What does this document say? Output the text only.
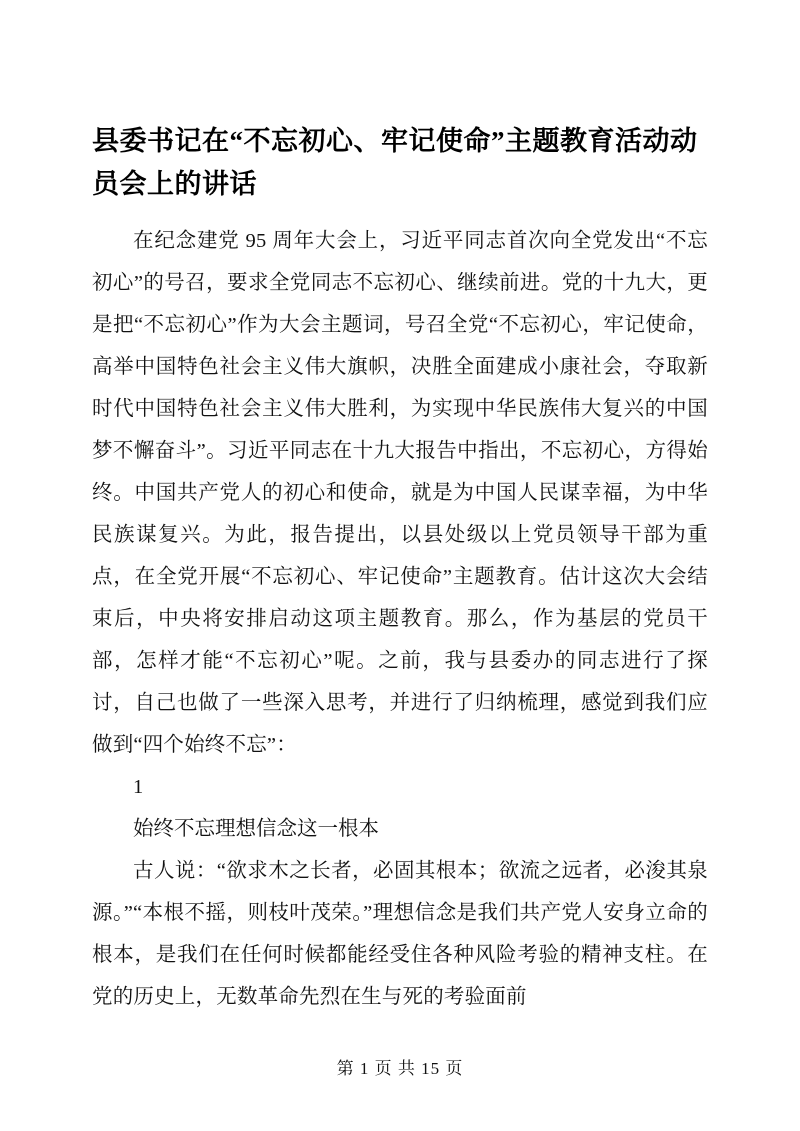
县委书记在“不忘初心、牢记使命”主题教育活动动员会上的讲话

在纪念建党 95 周年大会上，习近平同志首次向全党发出“不忘初心”的号召，要求全党同志不忘初心、继续前进。党的十九大，更是把“不忘初心”作为大会主题词，号召全党“不忘初心，牢记使命，高举中国特色社会主义伟大旗帜，决胜全面建成小康社会，夺取新时代中国特色社会主义伟大胜利，为实现中华民族伟大复兴的中国梦不懈奋斗”。习近平同志在十九大报告中指出，不忘初心，方得始终。中国共产党人的初心和使命，就是为中国人民谋幸福，为中华民族谋复兴。为此，报告提出，以县处级以上党员领导干部为重点，在全党开展“不忘初心、牢记使命”主题教育。估计这次大会结束后，中央将安排启动这项主题教育。那么，作为基层的党员干部，怎样才能“不忘初心”呢。之前，我与县委办的同志进行了探讨，自己也做了一些深入思考，并进行了归纳梳理，感觉到我们应做到“四个始终不忘”：

1

始终不忘理想信念这一根本

古人说：“欲求木之长者，必固其根本；欲流之远者，必浚其泉源。”“本根不摇，则枝叶茂荣。”理想信念是我们共产党人安身立命的根本，是我们在任何时候都能经受住各种风险考验的精神支柱。在党的历史上，无数革命先烈在生与死的考验面前

第 1 页 共 15 页
